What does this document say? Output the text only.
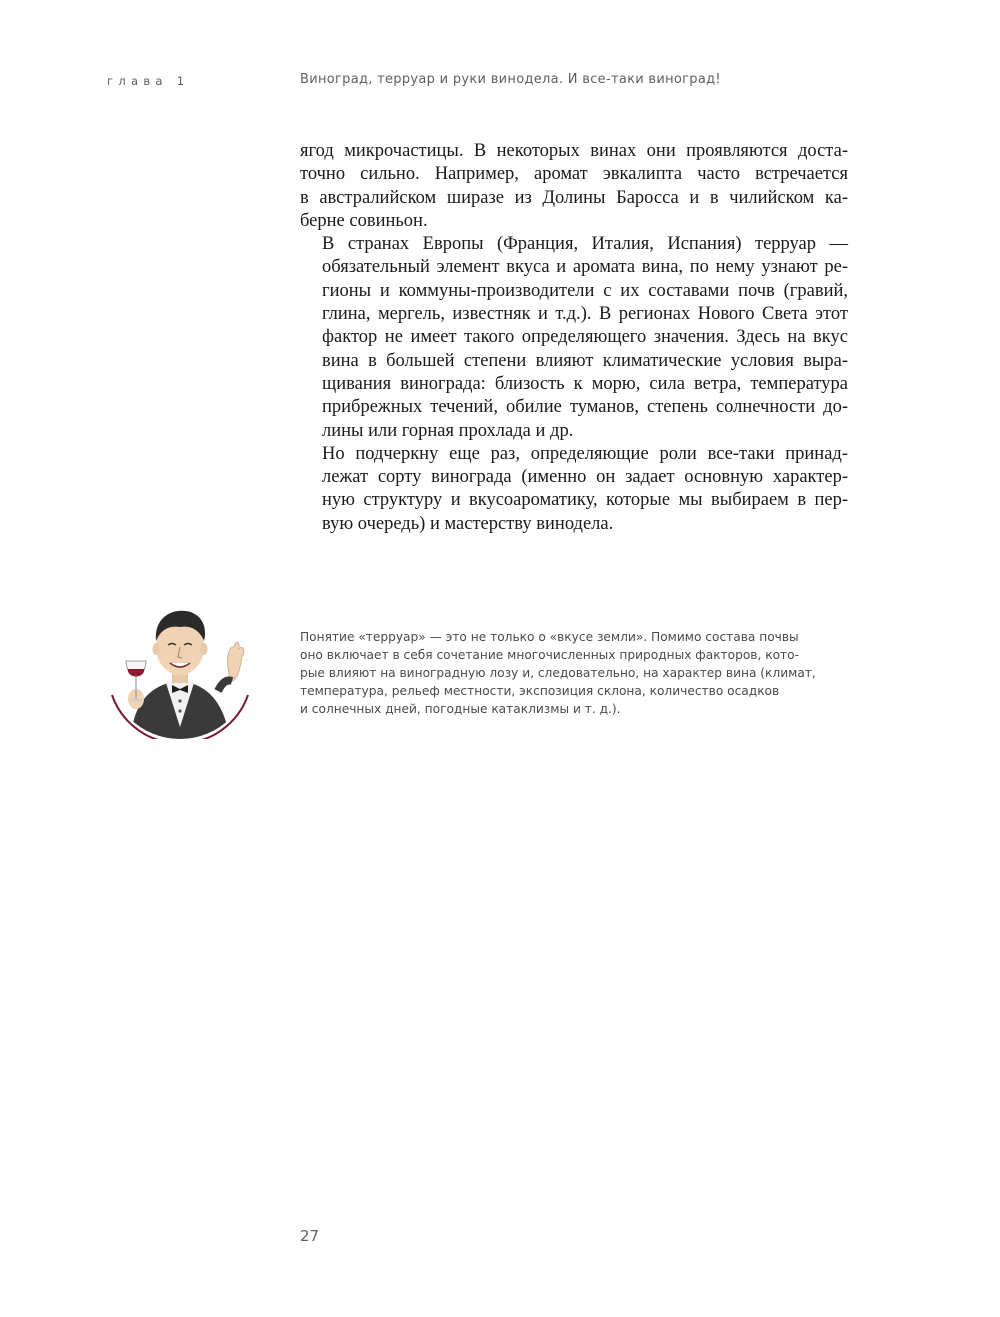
глава 1	Виноград, терруар и руки винодела. И все-таки виноград!

ягод микрочастицы. В некоторых винах они проявляются доста-
точно сильно. Например, аромат эвкалипта часто встречается
в австралийском ширазе из Долины Баросса и в чилийском ка-
берне совиньон.

В странах Европы (Франция, Италия, Испания) терруар —
обязательный элемент вкуса и аромата вина, по нему узнают ре-
гионы и коммуны-производители с их составами почв (гравий,
глина, мергель, известняк и т.д.). В регионах Нового Света этот
фактор не имеет такого определяющего значения. Здесь на вкус
вина в большей степени влияют климатические условия выра-
щивания винограда: близость к морю, сила ветра, температура
прибрежных течений, обилие туманов, степень солнечности до-
лины или горная прохлада и др.

Но подчеркну еще раз, определяющие роли все-таки принад-
лежат сорту винограда (именно он задает основную характер-
ную структуру и вкусоароматику, которые мы выбираем в пер-
вую очередь) и мастерству винодела.

Понятие «терруар» — это не только о «вкусе земли». Помимо состава почвы
оно включает в себя сочетание многочисленных природных факторов, кото-
рые влияют на виноградную лозу и, следовательно, на характер вина (климат,
температура, рельеф местности, экспозиция склона, количество осадков
и солнечных дней, погодные катаклизмы и т. д.).
27
